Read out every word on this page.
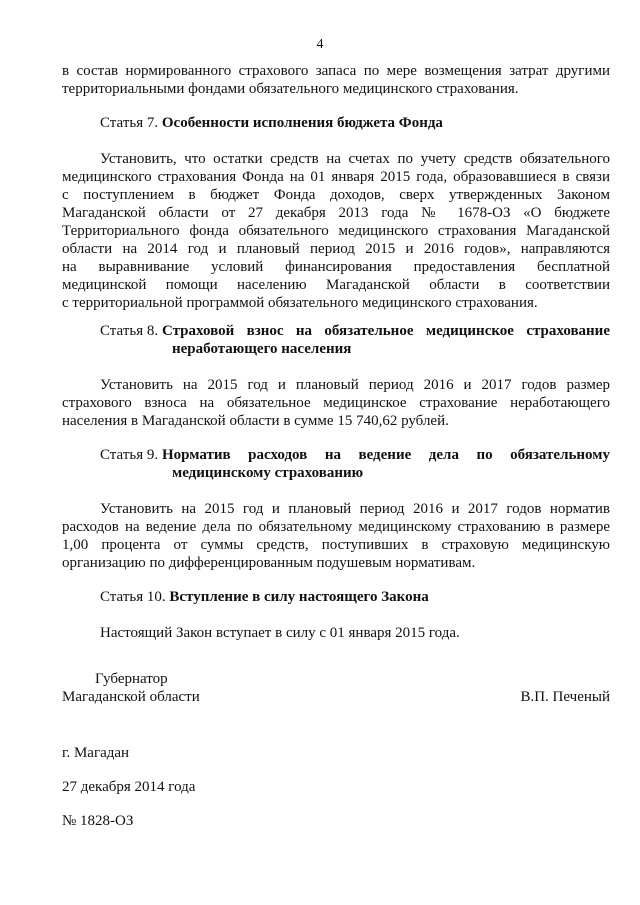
4
в состав нормированного страхового запаса по мере возмещения затрат другими
территориальными фондами обязательного медицинского страхования.
Статья 7. Особенности исполнения бюджета Фонда
Установить, что остатки средств на счетах по учету средств обязательного
медицинского страхования Фонда на 01 января 2015 года, образовавшиеся в связи
с поступлением в бюджет Фонда доходов, сверх утвержденных Законом
Магаданской области от 27 декабря 2013 года № 1678-ОЗ «О бюджете
Территориального фонда обязательного медицинского страхования Магаданской
области на 2014 год и плановый период 2015 и 2016 годов», направляются
на выравнивание условий финансирования предоставления бесплатной
медицинской помощи населению Магаданской области в соответствии
с территориальной программой обязательного медицинского страхования.
Статья 8. Страховой взнос на обязательное медицинское страхование
неработающего населения
Установить на 2015 год и плановый период 2016 и 2017 годов размер
страхового взноса на обязательное медицинское страхование неработающего
населения в Магаданской области в сумме 15 740,62 рублей.
Статья 9. Норматив расходов на ведение дела по обязательному
медицинскому страхованию
Установить на 2015 год и плановый период 2016 и 2017 годов норматив
расходов на ведение дела по обязательному медицинскому страхованию в размере
1,00 процента от суммы средств, поступивших в страховую медицинскую
организацию по дифференцированным подушевым нормативам.
Статья 10. Вступление в силу настоящего Закона
Настоящий Закон вступает в силу с 01 января 2015 года.
Губернатор
Магаданской области	В.П. Печеный
г. Магадан
27 декабря 2014 года
№ 1828-ОЗ
